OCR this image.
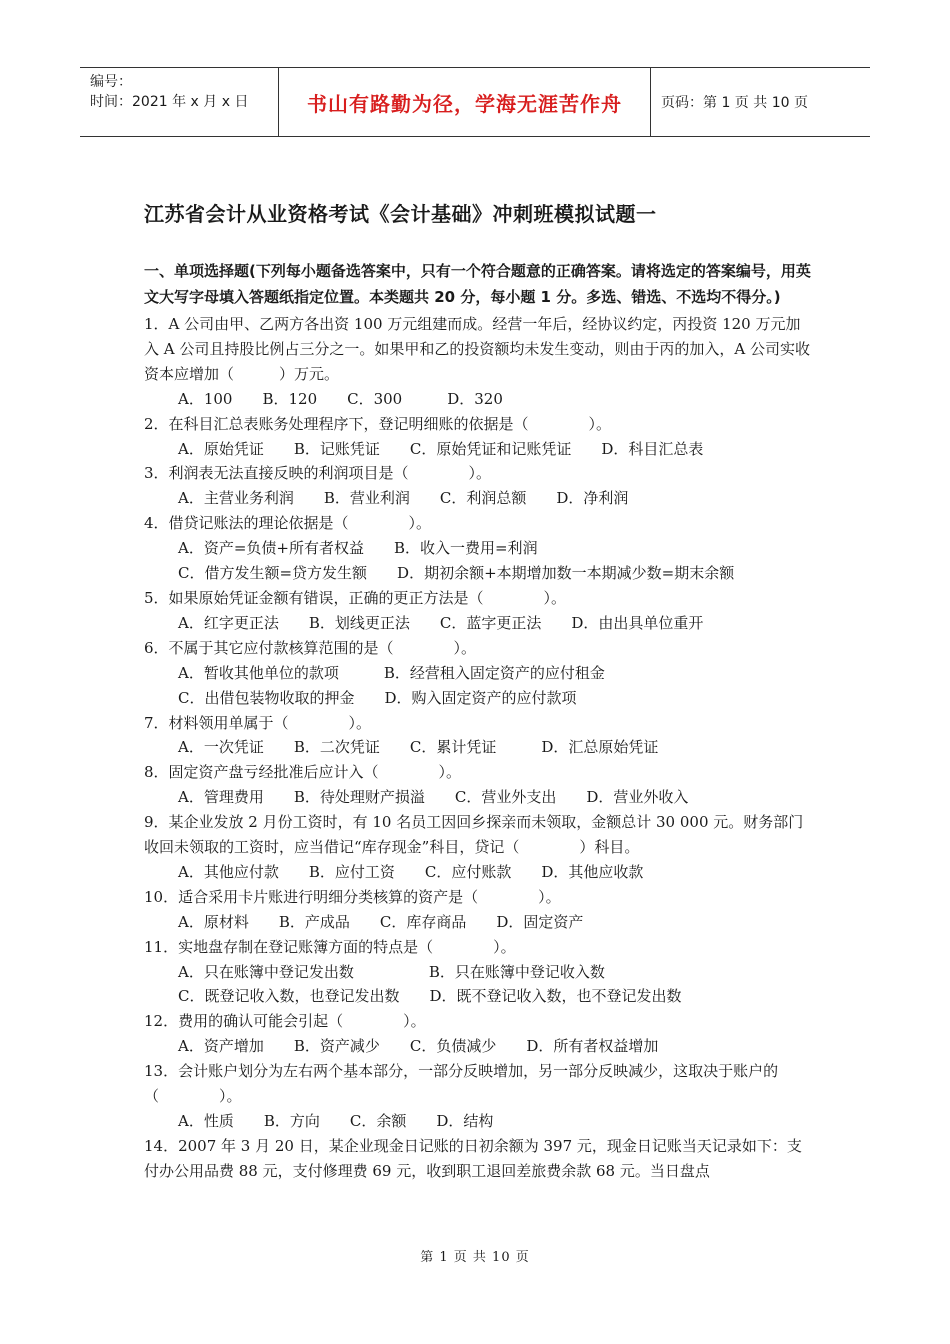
编号：
时间：2021 年 x 月 x 日	书山有路勤为径，学海无涯苦作舟	页码：第 1 页 共 10 页
江苏省会计从业资格考试《会计基础》冲刺班模拟试题一
一、单项选择题(下列每小题备选答案中，只有一个符合题意的正确答案。请将选定的答案编号，用英文大写字母填入答题纸指定位置。本类题共 20 分，每小题 1 分。多选、错选、不选均不得分。)

1．A 公司由甲、乙两方各出资 100 万元组建而成。经营一年后，经协议约定，丙投资 120 万元加入 A 公司且持股比例占三分之一。如果甲和乙的投资额均未发生变动，则由于丙的加入，A 公司实收资本应增加（　　　）万元。

A．100　　B．120　　C．300　　　D．320

2．在科目汇总表账务处理程序下，登记明细账的依据是（　　　　）。

A．原始凭证　　B．记账凭证　　C．原始凭证和记账凭证　　D．科目汇总表

3．利润表无法直接反映的利润项目是（　　　　）。

A．主营业务利润　　B．营业利润　　C．利润总额　　D．净利润

4．借贷记账法的理论依据是（　　　　）。

A．资产=负债+所有者权益　　B．收入一费用=利润

C．借方发生额=贷方发生额　　D．期初余额+本期增加数一本期减少数=期末余额

5．如果原始凭证金额有错误，正确的更正方法是（　　　　）。

A．红字更正法　　B．划线更正法　　C．蓝字更正法　　D．由出具单位重开

6．不属于其它应付款核算范围的是（　　　　）。

A．暂收其他单位的款项　　　B．经营租入固定资产的应付租金

C．出借包装物收取的押金　　D．购入固定资产的应付款项

7．材料领用单属于（　　　　）。

A．一次凭证　　B．二次凭证　　C．累计凭证　　　D．汇总原始凭证

8．固定资产盘亏经批准后应计入（　　　　）。

A．管理费用　　B．待处理财产损溢　　C．营业外支出　　D．营业外收入

9．某企业发放 2 月份工资时，有 10 名员工因回乡探亲而未领取，金额总计 30 000 元。财务部门收回未领取的工资时，应当借记“库存现金”科目，贷记（　　　　）科目。

A．其他应付款　　B．应付工资　　C．应付账款　　D．其他应收款

10．适合采用卡片账进行明细分类核算的资产是（　　　　）。

A．原材料　　B．产成品　　C．库存商品　　D．固定资产

11．实地盘存制在登记账簿方面的特点是（　　　　）。

A．只在账簿中登记发出数　　　　　B．只在账簿中登记收入数

C．既登记收入数，也登记发出数　　D．既不登记收入数，也不登记发出数

12．费用的确认可能会引起（　　　　）。

A．资产增加　　B．资产减少　　C．负债减少　　D．所有者权益增加

13．会计账户划分为左右两个基本部分，一部分反映增加，另一部分反映减少，这取决于账户的（　　　　）。

A．性质　　B．方向　　C．余额　　D．结构

14．2007 年 3 月 20 日，某企业现金日记账的日初余额为 397 元，现金日记账当天记录如下：支付办公用品费 88 元，支付修理费 69 元，收到职工退回差旅费余款 68 元。当日盘点

第 1 页 共 10 页
